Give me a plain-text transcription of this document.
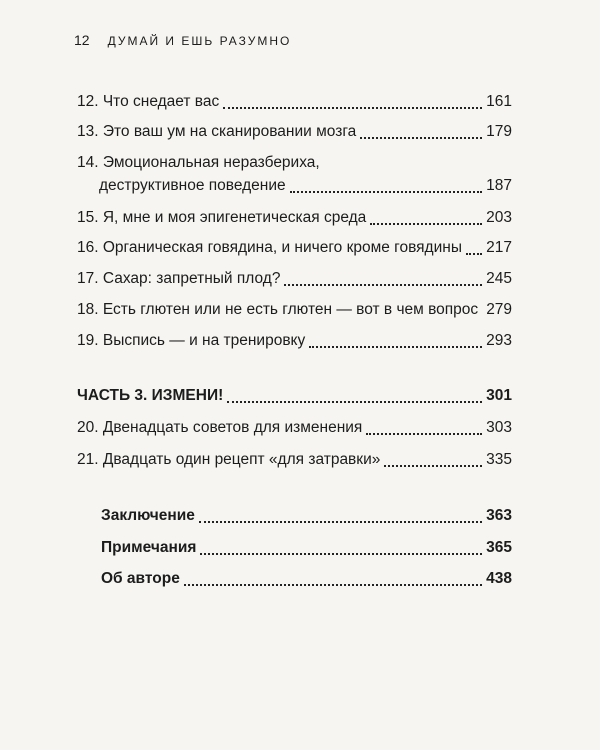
12 ДУМАЙ И ЕШЬ РАЗУМНО
12. Что снедает вас	161
13. Это ваш ум на сканировании мозга	179
14. Эмоциональная неразбериха,
деструктивное поведение	187
15. Я, мне и моя эпигенетическая среда	203
16. Органическая говядина, и ничего кроме говядины 217
17. Сахар: запретный плод?	245
18. Есть глютен или не есть глютен — вот в чем вопрос 279
19. Выспись — и на тренировку	293
ЧАСТЬ 3. ИЗМЕНИ!	301
20. Двенадцать советов для изменения	303
21. Двадцать один рецепт «для затравки»	335
Заключение	363
Примечания	365
Об авторе	438
